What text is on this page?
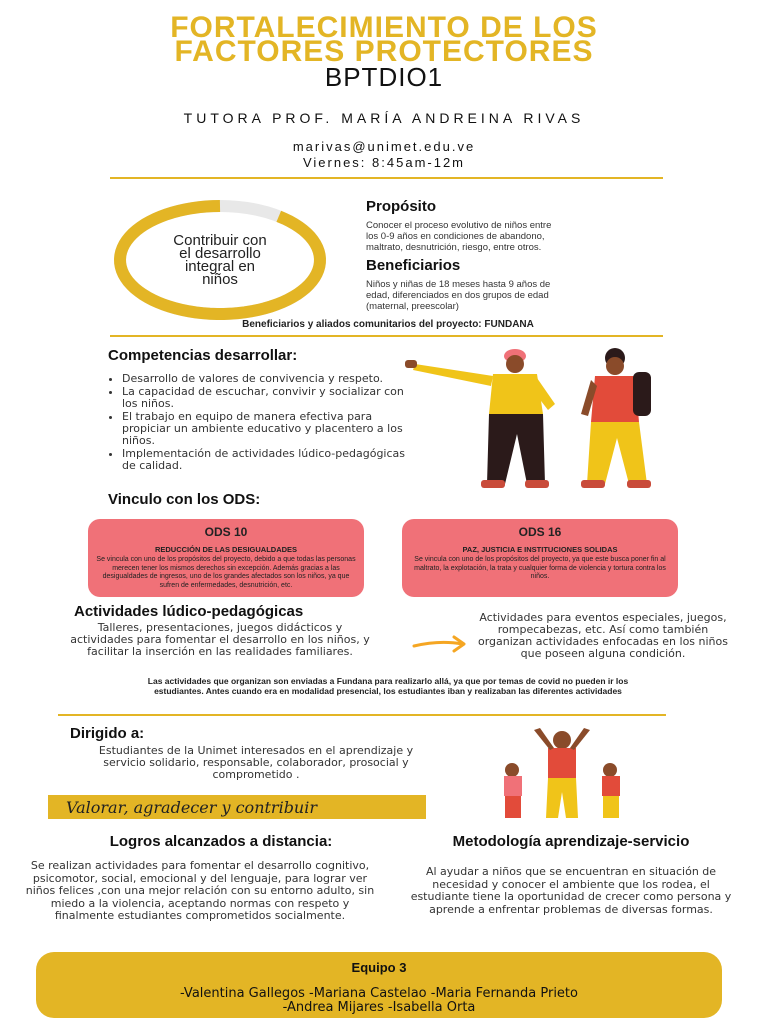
FORTALECIMIENTO DE LOS
FACTORES PROTECTORES
BPTDIO1
TUTORA PROF. MARÍA ANDREINA RIVAS
marivas@unimet.edu.ve
Viernes: 8:45am-12m
Contribuir con
el desarrollo
integral en
niños
Propósito
Conocer el proceso evolutivo de niños entre
los 0-9 años en condiciones de abandono,
maltrato, desnutrición, riesgo, entre otros.
Beneficiarios
Niños y niñas de 18 meses hasta 9 años de
edad, diferenciados en dos grupos de edad
(maternal, preescolar)
Beneficiarios y aliados comunitarios del proyecto: FUNDANA
Competencias desarrollar:
• Desarrollo de valores de convivencia y respeto.
• La capacidad de escuchar, convivir y socializar con los niños.
• El trabajo en equipo de manera efectiva para propiciar un ambiente educativo y placentero a los niños.
• Implementación de actividades lúdico-pedagógicas de calidad.
Vinculo con los ODS:
ODS 10
REDUCCIÓN DE LAS DESIGUALDADES
Se vincula con uno de los propósitos del proyecto, debido a que todas las personas merecen tener los mismos derechos sin excepción. Además gracias a las desigualdades de ingresos, uno de los grandes afectados son los niños, ya que sufren de enfermedades, desnutrición, etc.
ODS 16
PAZ, JUSTICIA E INSTITUCIONES SOLIDAS
Se vincula con uno de los propósitos del proyecto, ya que este busca poner fin al maltrato, la explotación, la trata y cualquier forma de violencia y tortura contra los niños.
Actividades lúdico-pedagógicas
Talleres, presentaciones, juegos didácticos y actividades para fomentar el desarrollo en los niños, y facilitar la inserción en las realidades familiares.
Actividades para eventos especiales, juegos, rompecabezas, etc. Así como también organizan actividades enfocadas en los niños que poseen alguna condición.
Las actividades que organizan son enviadas a Fundana para realizarlo allá, ya que por temas de covid no pueden ir los estudiantes. Antes cuando era en modalidad presencial, los estudiantes iban y realizaban las diferentes actividades
Dirigido a:
Estudiantes de la Unimet interesados en el aprendizaje y servicio solidario, responsable, colaborador, prosocial y comprometido .
Valorar, agradecer y contribuir
Logros alcanzados a distancia:
Se realizan actividades para fomentar el desarrollo cognitivo, psicomotor, social, emocional y del lenguaje, para lograr ver niños felices ,con una mejor relación con su entorno adulto, sin miedo a la violencia, aceptando normas con respeto y finalmente estudiantes comprometidos socialmente.
Metodología aprendizaje-servicio
Al ayudar a niños que se encuentran en situación de necesidad y conocer el ambiente que los rodea, el estudiante tiene la oportunidad de crecer como persona y aprende a enfrentar problemas de diversas formas.
Equipo 3
-Valentina Gallegos -Mariana Castelao -Maria Fernanda Prieto
-Andrea Mijares -Isabella Orta
